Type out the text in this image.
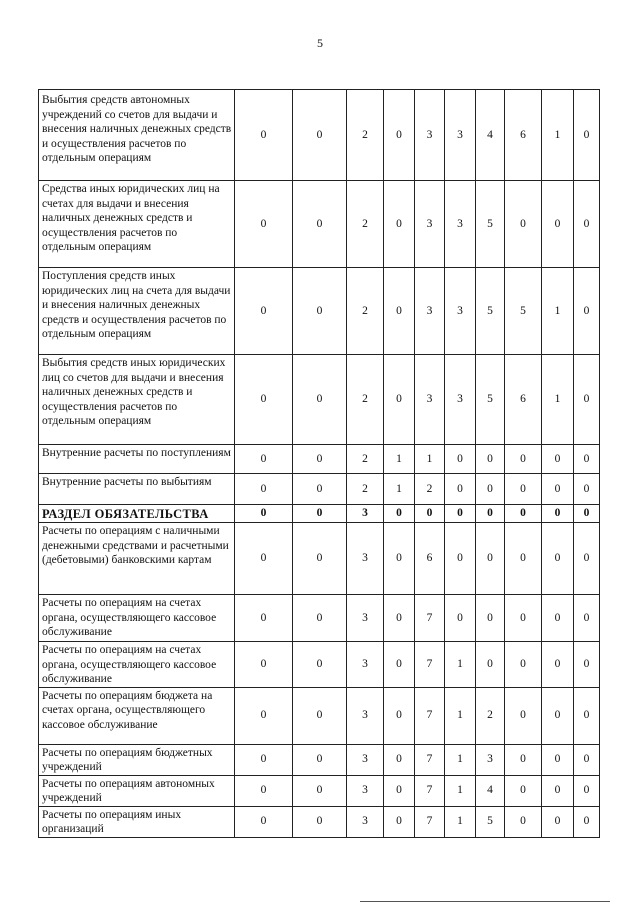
5
Выбытия средств автономных учреждений со счетов для выдачи и внесения наличных денежных средств и осуществления расчетов по отдельным операциям	0	0	2	0	3	3	4	6	1	0
Средства иных юридических лиц на счетах для выдачи и внесения наличных денежных средств и осуществления расчетов по отдельным операциям	0	0	2	0	3	3	5	0	0	0
Поступления средств иных юридических лиц на счета для выдачи и внесения наличных денежных средств и осуществления расчетов по отдельным операциям	0	0	2	0	3	3	5	5	1	0
Выбытия средств иных юридических лиц со счетов для выдачи и внесения наличных денежных средств и осуществления расчетов по отдельным операциям	0	0	2	0	3	3	5	6	1	0
Внутренние расчеты по поступлениям	0	0	2	1	1	0	0	0	0	0
Внутренние расчеты по выбытиям	0	0	2	1	2	0	0	0	0	0
РАЗДЕЛ ОБЯЗАТЕЛЬСТВА	0	0	3	0	0	0	0	0	0	0
Расчеты по операциям с наличными денежными средствами и расчетными (дебетовыми) банковскими картам	0	0	3	0	6	0	0	0	0	0
Расчеты по операциям на счетах органа, осуществляющего кассовое обслуживание	0	0	3	0	7	0	0	0	0	0
Расчеты по операциям на счетах органа, осуществляющего кассовое обслуживание	0	0	3	0	7	1	0	0	0	0
Расчеты по операциям бюджета на счетах органа, осуществляющего кассовое обслуживание	0	0	3	0	7	1	2	0	0	0
Расчеты по операциям бюджетных учреждений	0	0	3	0	7	1	3	0	0	0
Расчеты по операциям автономных учреждений	0	0	3	0	7	1	4	0	0	0
Расчеты по операциям иных организаций	0	0	3	0	7	1	5	0	0	0
